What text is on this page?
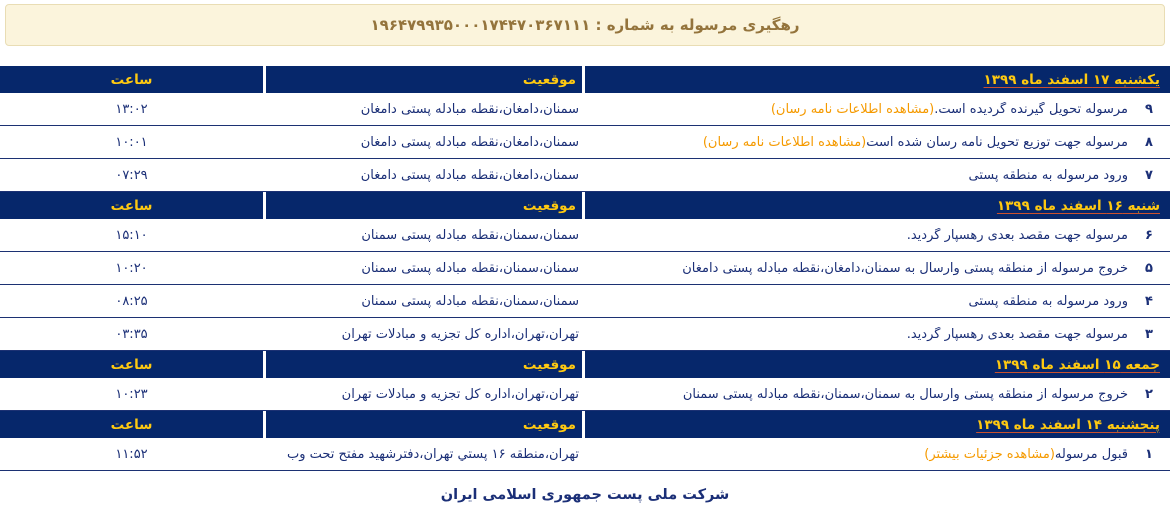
رهگیری مرسوله به شماره : ۱۹۶۴۷۹۹۳۵۰۰۰۱۷۴۴۷۰۳۶۷۱۱۱
یکشنبه ۱۷ اسفند ماه ۱۳۹۹
موقعیت
ساعت
۹
مرسوله تحویل گیرنده گردیده است.
(مشاهده اطلاعات نامه رسان)
سمنان،دامغان،نقطه مبادله پستی دامغان
۱۳:۰۲
۸
مرسوله جهت توزیع تحویل نامه رسان شده است
(مشاهده اطلاعات نامه رسان)
سمنان،دامغان،نقطه مبادله پستی دامغان
۱۰:۰۱
۷
ورود مرسوله به منطقه پستی
سمنان،دامغان،نقطه مبادله پستی دامغان
۰۷:۲۹
شنبه ۱۶ اسفند ماه ۱۳۹۹
موقعیت
ساعت
۶
مرسوله جهت مقصد بعدی رهسپار گردید.
سمنان،سمنان،نقطه مبادله پستی سمنان
۱۵:۱۰
۵
خروج مرسوله از منطقه پستی وارسال به سمنان،دامغان،نقطه مبادله پستی دامغان
سمنان،سمنان،نقطه مبادله پستی سمنان
۱۰:۲۰
۴
ورود مرسوله به منطقه پستی
سمنان،سمنان،نقطه مبادله پستی سمنان
۰۸:۲۵
۳
مرسوله جهت مقصد بعدی رهسپار گردید.
تهران،تهران،اداره کل تجزیه و مبادلات تهران
۰۳:۳۵
جمعه ۱۵ اسفند ماه ۱۳۹۹
موقعیت
ساعت
۲
خروج مرسوله از منطقه پستی وارسال به سمنان،سمنان،نقطه مبادله پستی سمنان
تهران،تهران،اداره کل تجزیه و مبادلات تهران
۱۰:۲۳
پنجشنبه ۱۴ اسفند ماه ۱۳۹۹
موقعیت
ساعت
۱
قبول مرسوله
(مشاهده جزئیات بیشتر)
تهران،منطقه ۱۶ پستي تهران،دفترشهید مفتح تحت وب
۱۱:۵۲
شرکت ملی پست جمهوری اسلامی ایران
